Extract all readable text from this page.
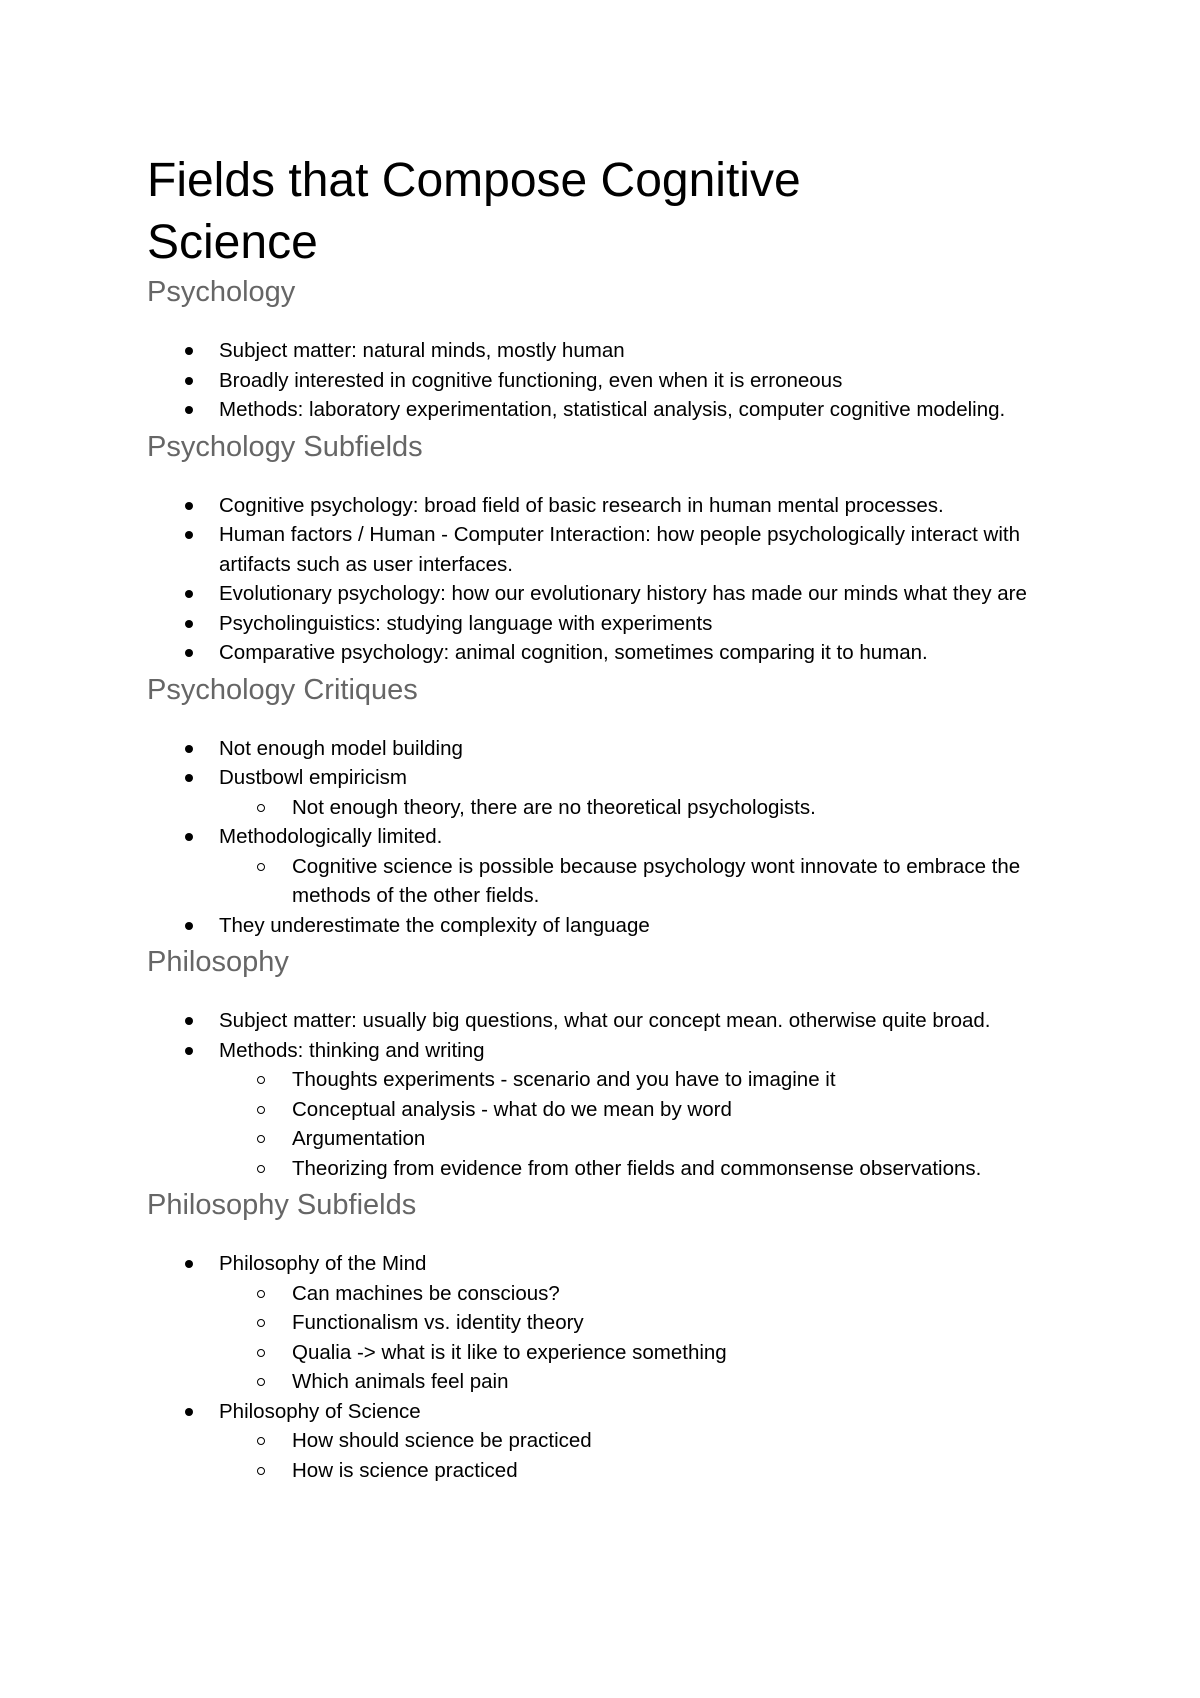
Fields that Compose Cognitive Science
Psychology
Subject matter: natural minds, mostly human
Broadly interested in cognitive functioning, even when it is erroneous
Methods: laboratory experimentation, statistical analysis, computer cognitive modeling.
Psychology Subfields
Cognitive psychology: broad field of basic research in human mental processes.
Human factors / Human - Computer Interaction: how people psychologically interact with artifacts such as user interfaces.
Evolutionary psychology: how our evolutionary history has made our minds what they are
Psycholinguistics: studying language with experiments
Comparative psychology: animal cognition, sometimes comparing it to human.
Psychology Critiques
Not enough model building
Dustbowl empiricism
Not enough theory, there are no theoretical psychologists.
Methodologically limited.
Cognitive science is possible because psychology wont innovate to embrace the methods of the other fields.
They underestimate the complexity of language
Philosophy
Subject matter: usually big questions, what our concept mean. otherwise quite broad.
Methods: thinking and writing
Thoughts experiments - scenario and you have to imagine it
Conceptual analysis - what do we mean by word
Argumentation
Theorizing from evidence from other fields and commonsense observations.
Philosophy Subfields
Philosophy of the Mind
Can machines be conscious?
Functionalism vs. identity theory
Qualia -> what is it like to experience something
Which animals feel pain
Philosophy of Science
How should science be practiced
How is science practiced
